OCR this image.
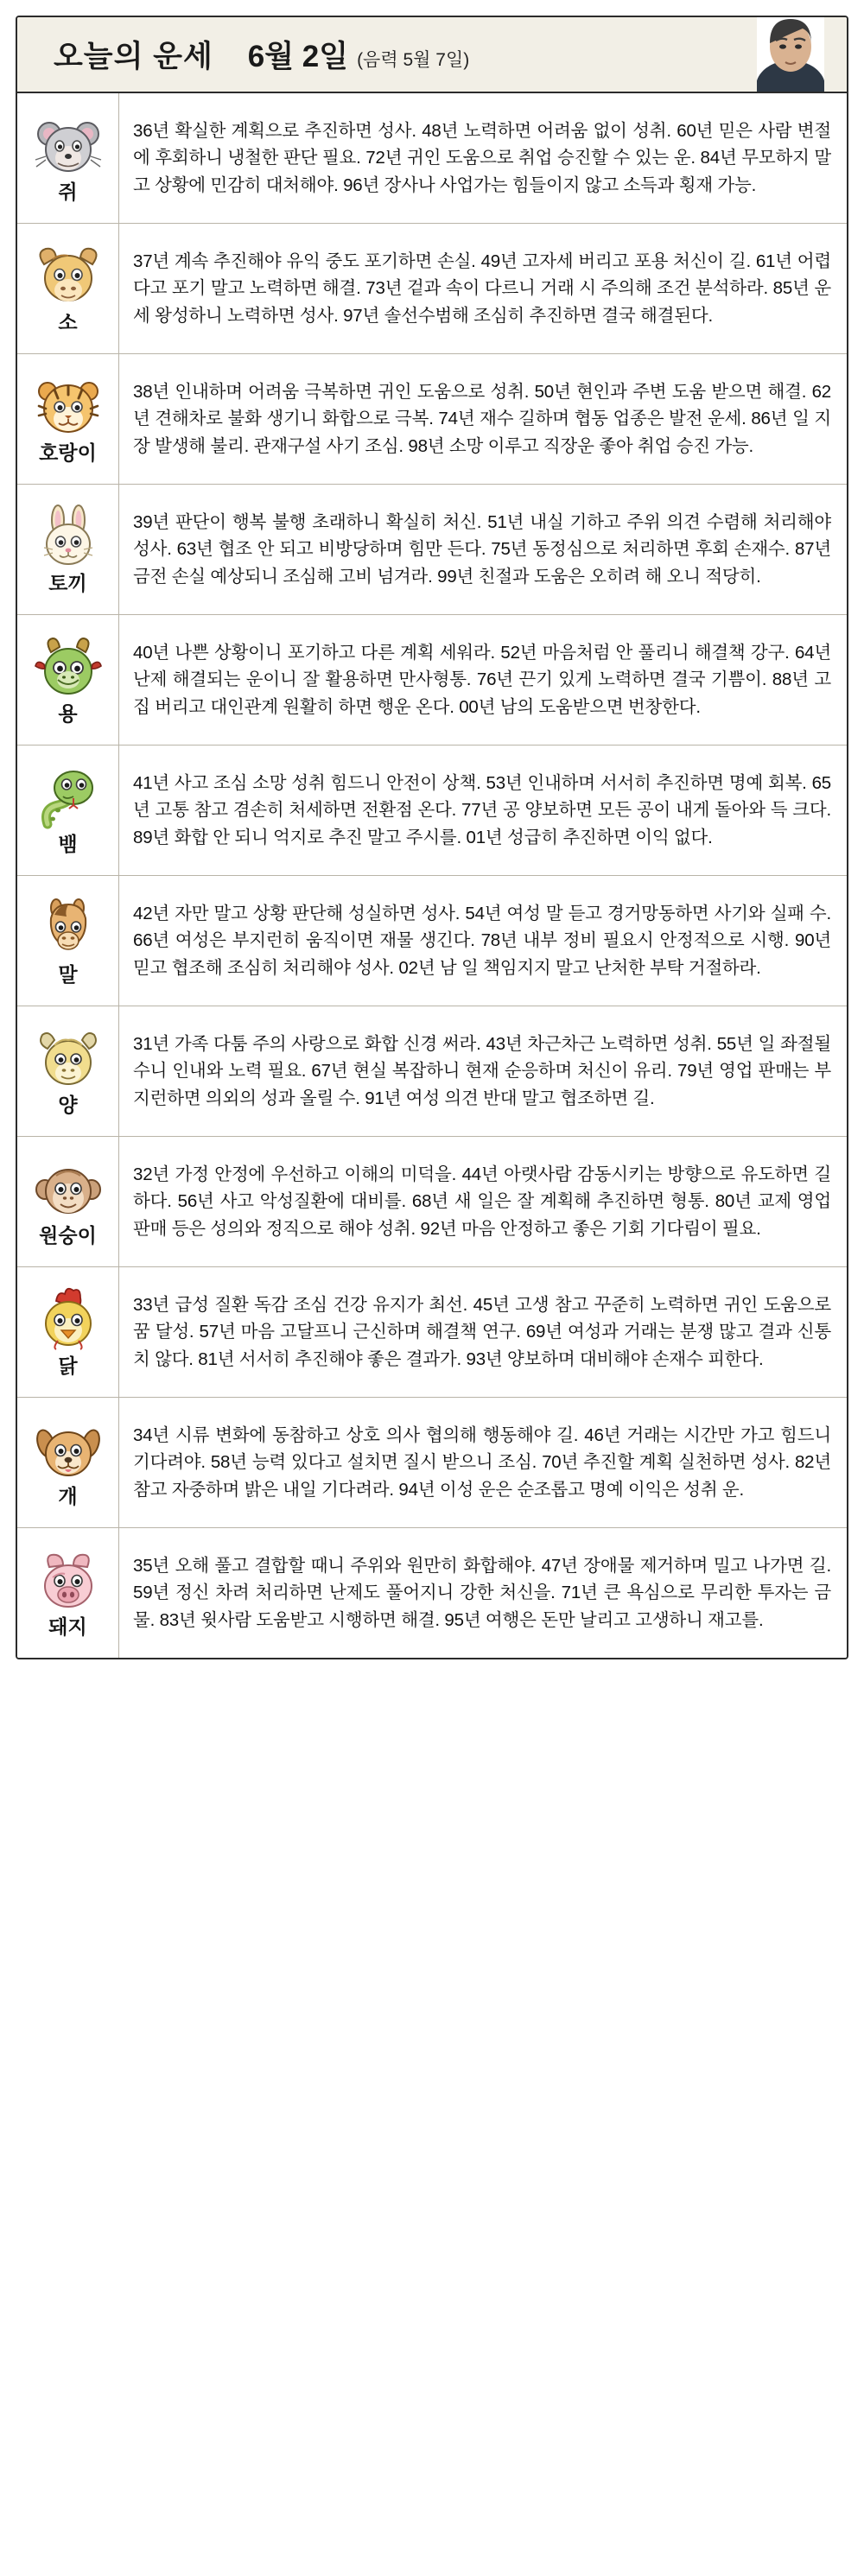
오늘의 운세 6월 2일 (음력 5월 7일)
쥐
36년 확실한 계획으로 추진하면 성사. 48년 노력하면 어려움 없이 성취. 60년 믿은 사람 변절에 후회하니 냉철한 판단 필요. 72년 귀인 도움으로 취업 승진할 수 있는 운. 84년 무모하지 말고 상황에 민감히 대처해야. 96년 장사나 사업가는 힘들이지 않고 소득과 횡재 가능.
소
37년 계속 추진해야 유익 중도 포기하면 손실. 49년 고자세 버리고 포용 처신이 길. 61년 어렵다고 포기 말고 노력하면 해결. 73년 겉과 속이 다르니 거래 시 주의해 조건 분석하라. 85년 운세 왕성하니 노력하면 성사. 97년 솔선수범해 조심히 추진하면 결국 해결된다.
호랑이
38년 인내하며 어려움 극복하면 귀인 도움으로 성취. 50년 현인과 주변 도움 받으면 해결. 62년 견해차로 불화 생기니 화합으로 극복. 74년 재수 길하며 협동 업종은 발전 운세. 86년 일 지장 발생해 불리. 관재구설 사기 조심. 98년 소망 이루고 직장운 좋아 취업 승진 가능.
토끼
39년 판단이 행복 불행 초래하니 확실히 처신. 51년 내실 기하고 주위 의견 수렴해 처리해야 성사. 63년 협조 안 되고 비방당하며 힘만 든다. 75년 동정심으로 처리하면 후회 손재수. 87년 금전 손실 예상되니 조심해 고비 넘겨라. 99년 친절과 도움은 오히려 해 오니 적당히.
용
40년 나쁜 상황이니 포기하고 다른 계획 세워라. 52년 마음처럼 안 풀리니 해결책 강구. 64년 난제 해결되는 운이니 잘 활용하면 만사형통. 76년 끈기 있게 노력하면 결국 기쁨이. 88년 고집 버리고 대인관계 원활히 하면 행운 온다. 00년 남의 도움받으면 번창한다.
뱀
41년 사고 조심 소망 성취 힘드니 안전이 상책. 53년 인내하며 서서히 추진하면 명예 회복. 65년 고통 참고 겸손히 처세하면 전환점 온다. 77년 공 양보하면 모든 공이 내게 돌아와 득 크다. 89년 화합 안 되니 억지로 추진 말고 주시를. 01년 성급히 추진하면 이익 없다.
말
42년 자만 말고 상황 판단해 성실하면 성사. 54년 여성 말 듣고 경거망동하면 사기와 실패 수. 66년 여성은 부지런히 움직이면 재물 생긴다. 78년 내부 정비 필요시 안정적으로 시행. 90년 믿고 협조해 조심히 처리해야 성사. 02년 남 일 책임지지 말고 난처한 부탁 거절하라.
양
31년 가족 다툼 주의 사랑으로 화합 신경 써라. 43년 차근차근 노력하면 성취. 55년 일 좌절될 수니 인내와 노력 필요. 67년 현실 복잡하니 현재 순응하며 처신이 유리. 79년 영업 판매는 부지런하면 의외의 성과 올릴 수. 91년 여성 의견 반대 말고 협조하면 길.
원숭이
32년 가정 안정에 우선하고 이해의 미덕을. 44년 아랫사람 감동시키는 방향으로 유도하면 길하다. 56년 사고 악성질환에 대비를. 68년 새 일은 잘 계획해 추진하면 형통. 80년 교제 영업 판매 등은 성의와 정직으로 해야 성취. 92년 마음 안정하고 좋은 기회 기다림이 필요.
닭
33년 급성 질환 독감 조심 건강 유지가 최선. 45년 고생 참고 꾸준히 노력하면 귀인 도움으로 꿈 달성. 57년 마음 고달프니 근신하며 해결책 연구. 69년 여성과 거래는 분쟁 많고 결과 신통치 않다. 81년 서서히 추진해야 좋은 결과가. 93년 양보하며 대비해야 손재수 피한다.
개
34년 시류 변화에 동참하고 상호 의사 협의해 행동해야 길. 46년 거래는 시간만 가고 힘드니 기다려야. 58년 능력 있다고 설치면 질시 받으니 조심. 70년 추진할 계획 실천하면 성사. 82년 참고 자중하며 밝은 내일 기다려라. 94년 이성 운은 순조롭고 명예 이익은 성취 운.
돼지
35년 오해 풀고 결합할 때니 주위와 원만히 화합해야. 47년 장애물 제거하며 밀고 나가면 길. 59년 정신 차려 처리하면 난제도 풀어지니 강한 처신을. 71년 큰 욕심으로 무리한 투자는 금물. 83년 윗사람 도움받고 시행하면 해결. 95년 여행은 돈만 날리고 고생하니 재고를.
